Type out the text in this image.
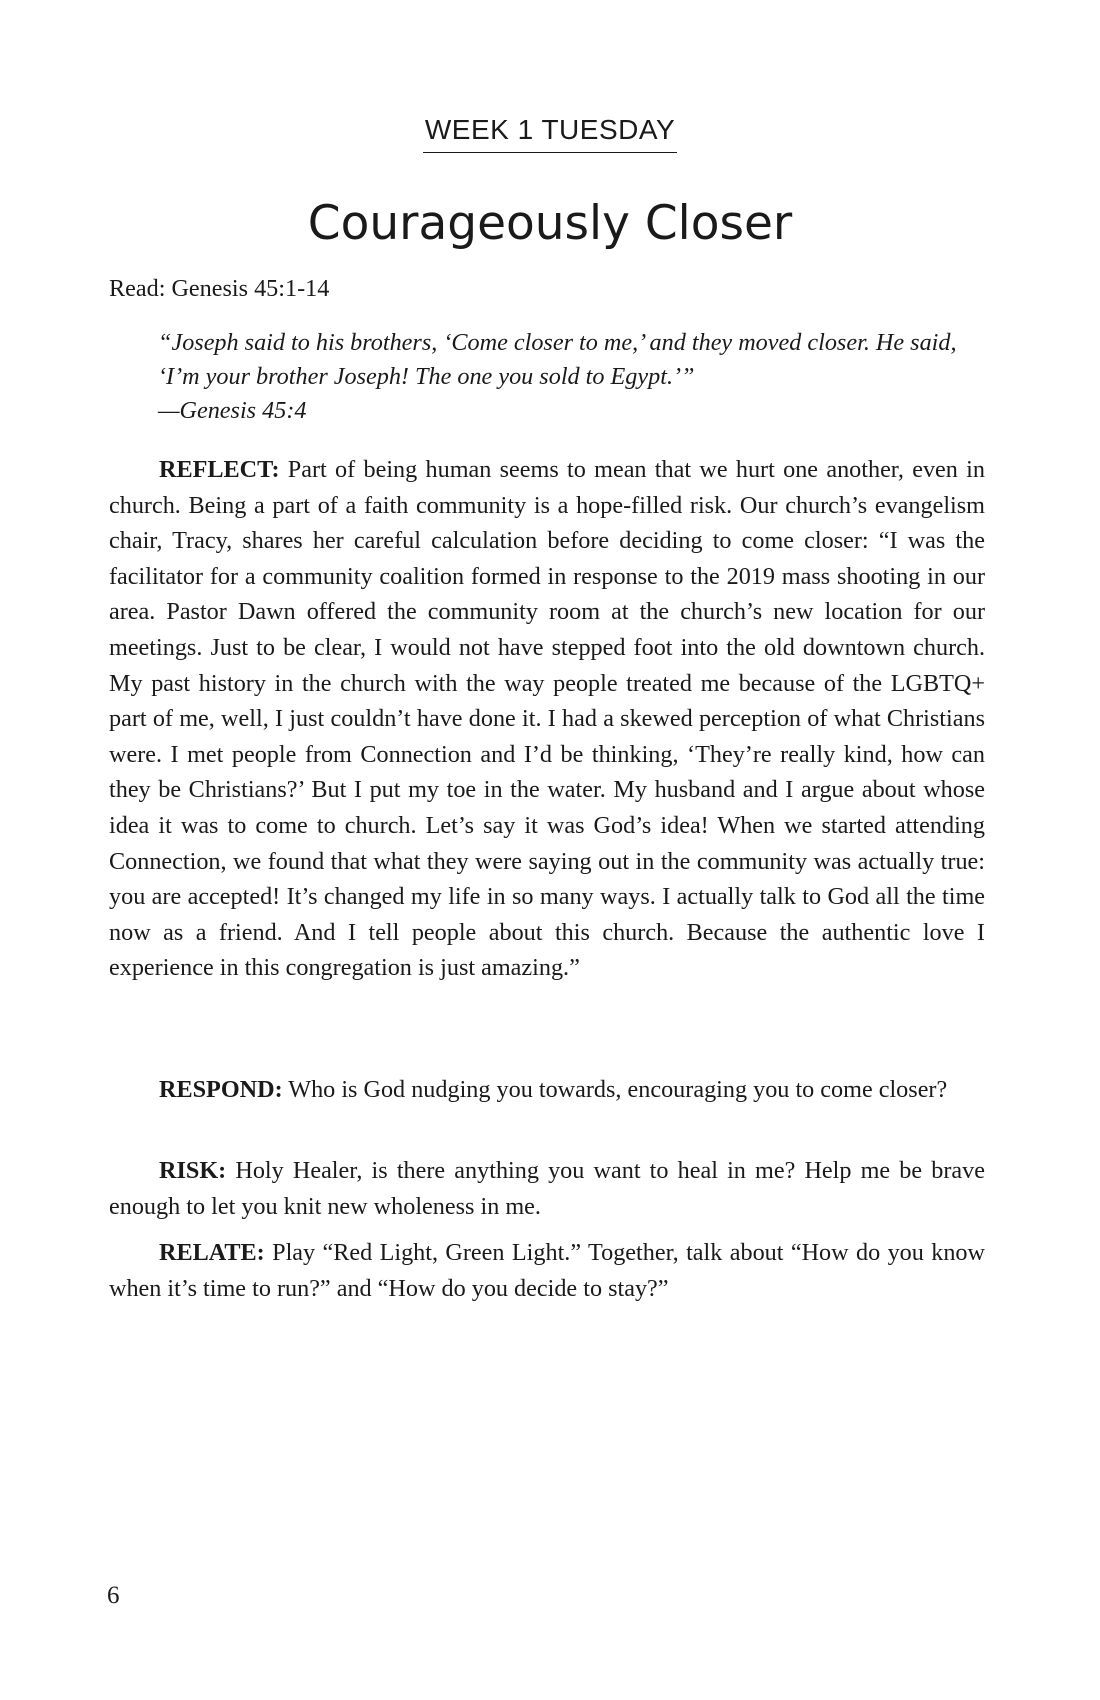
WEEK 1 TUESDAY
Courageously Closer
Read: Genesis 45:1-14

“Joseph said to his brothers, ‘Come closer to me,’ and they moved closer. He said, ‘I’m your brother Joseph! The one you sold to Egypt.’”

—Genesis 45:4

REFLECT: Part of being human seems to mean that we hurt one another, even in church. Being a part of a faith community is a hope-filled risk. Our church’s evangelism chair, Tracy, shares her careful calculation before deciding to come closer: “I was the facilitator for a community coalition formed in response to the 2019 mass shooting in our area. Pastor Dawn offered the community room at the church’s new location for our meetings. Just to be clear, I would not have stepped foot into the old downtown church. My past history in the church with the way people treated me because of the LGBTQ+ part of me, well, I just couldn’t have done it. I had a skewed perception of what Christians were. I met people from Connection and I’d be thinking, ‘They’re really kind, how can they be Christians?’ But I put my toe in the water. My husband and I argue about whose idea it was to come to church. Let’s say it was God’s idea! When we started attending Connection, we found that what they were saying out in the community was actually true: you are accepted! It’s changed my life in so many ways. I actually talk to God all the time now as a friend. And I tell people about this church. Because the authentic love I experience in this congregation is just amazing.”

RESPOND: Who is God nudging you towards, encouraging you to come closer?

RISK: Holy Healer, is there anything you want to heal in me? Help me be brave enough to let you knit new wholeness in me.

RELATE: Play “Red Light, Green Light.” Together, talk about “How do you know when it’s time to run?” and “How do you decide to stay?”

6
